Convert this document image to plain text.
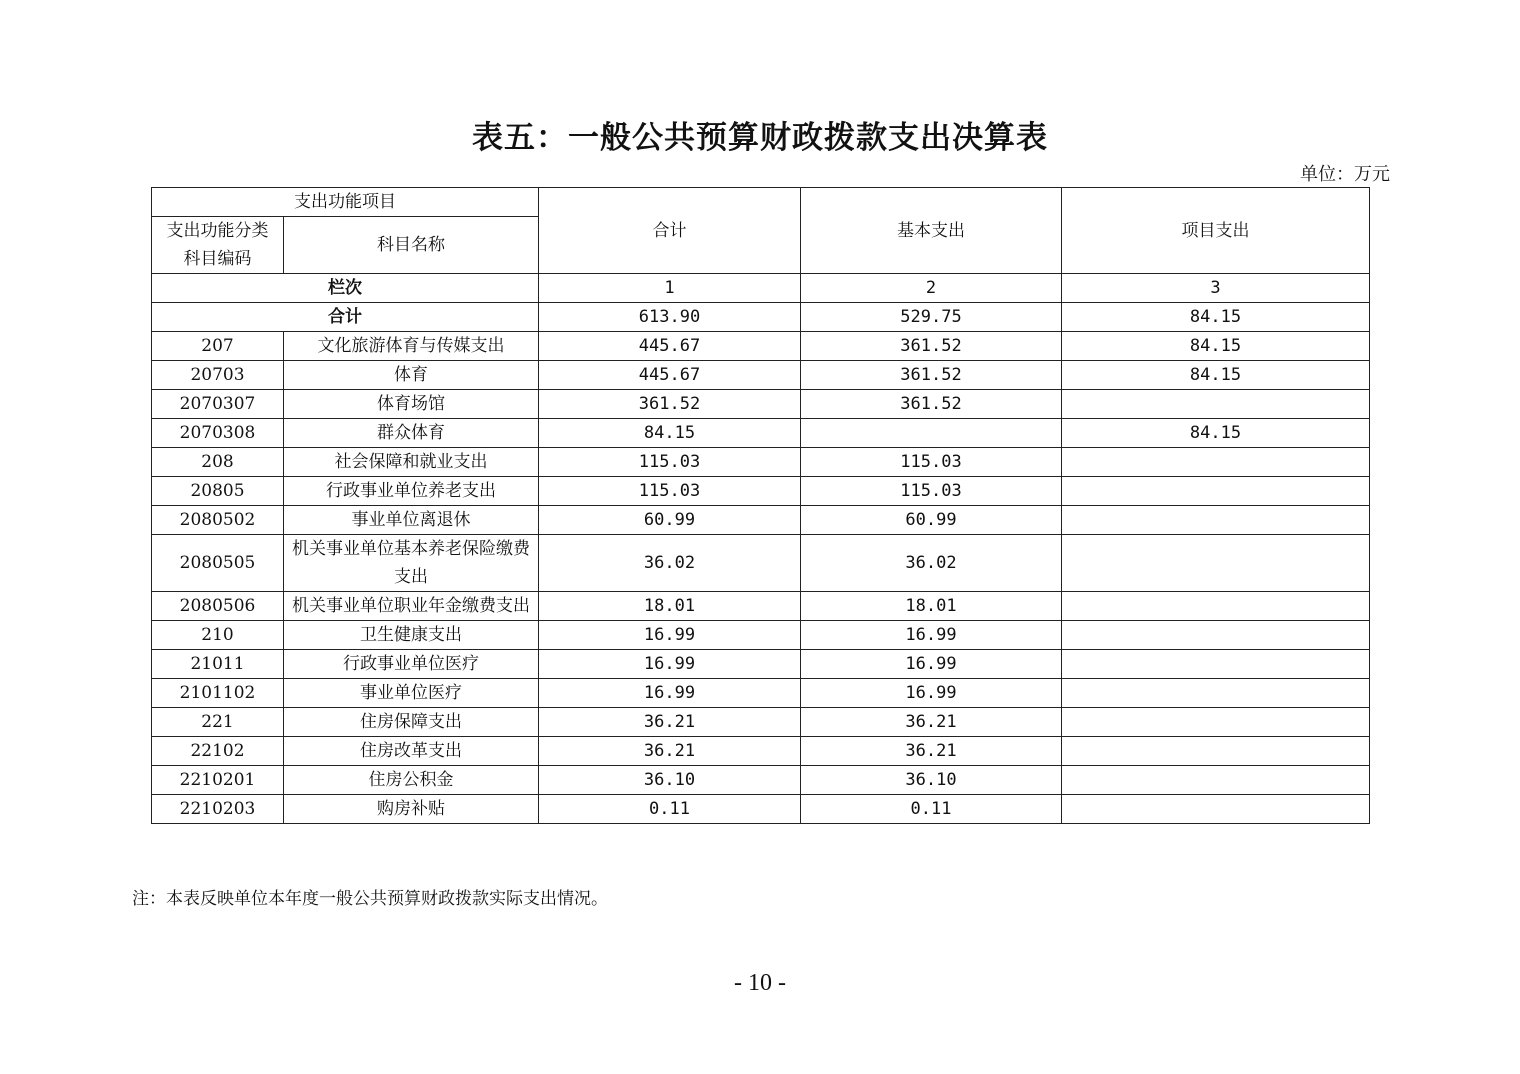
表五：一般公共预算财政拨款支出决算表
单位：万元
支出功能项目		合计	基本支出	项目支出
支出功能分类科目编码	科目名称			
栏次		1	2	3
合计		613.90	529.75	84.15
207	文化旅游体育与传媒支出	445.67	361.52	84.15
20703	体育	445.67	361.52	84.15
2070307	体育场馆	361.52	361.52	
2070308	群众体育	84.15		84.15
208	社会保障和就业支出	115.03	115.03	
20805	行政事业单位养老支出	115.03	115.03	
2080502	事业单位离退休	60.99	60.99	
2080505	机关事业单位基本养老保险缴费支出	36.02	36.02	
2080506	机关事业单位职业年金缴费支出	18.01	18.01	
210	卫生健康支出	16.99	16.99	
21011	行政事业单位医疗	16.99	16.99	
2101102	事业单位医疗	16.99	16.99	
221	住房保障支出	36.21	36.21	
22102	住房改革支出	36.21	36.21	
2210201	住房公积金	36.10	36.10	
2210203	购房补贴	0.11	0.11	
注：本表反映单位本年度一般公共预算财政拨款实际支出情况。
- 10 -
